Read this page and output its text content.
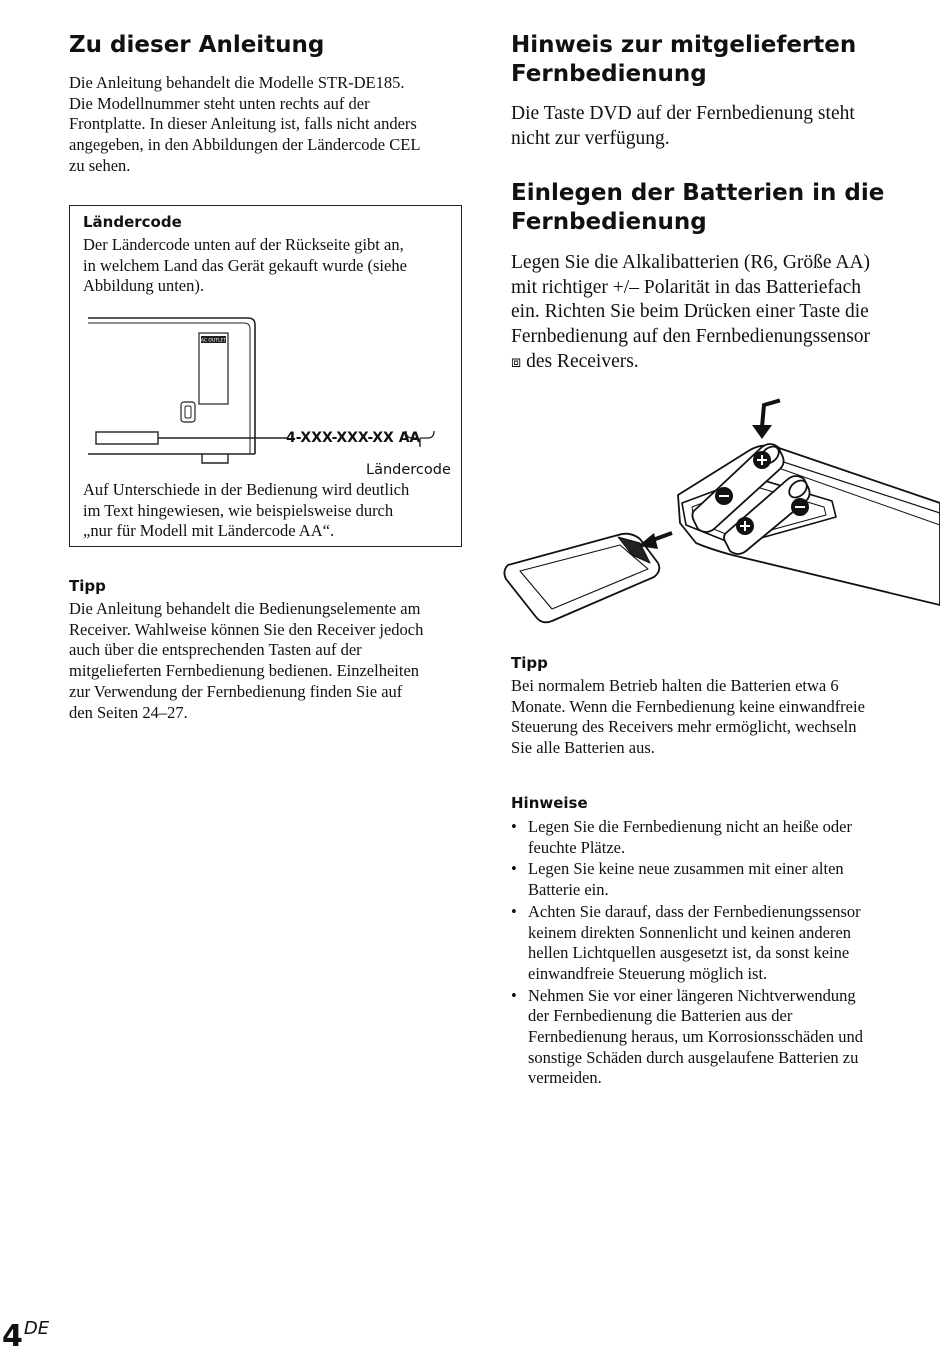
Zu dieser Anleitung

Die Anleitung behandelt die Modelle STR-DE185.

Die Modellnummer steht unten rechts auf der

Frontplatte. In dieser Anleitung ist, falls nicht anders

angegeben, in den Abbildungen der Ländercode CEL

zu sehen.

Ländercode

Der Ländercode unten auf der Rückseite gibt an,

in welchem Land das Gerät gekauft wurde (siehe

Abbildung unten).

AC OUTLET
4-XXX-XXX-XX AA
Ländercode

Auf Unterschiede in der Bedienung wird deutlich

im Text hingewiesen, wie beispielsweise durch

„nur für Modell mit Ländercode AA“.

Tipp

Die Anleitung behandelt die Bedienungselemente am

Receiver. Wahlweise können Sie den Receiver jedoch

auch über die entsprechenden Tasten auf der

mitgelieferten Fernbedienung bedienen. Einzelheiten

zur Verwendung der Fernbedienung finden Sie auf

den Seiten 24–27.

Hinweis zur mitgelieferten
Fernbedienung

Die Taste DVD auf der Fernbedienung steht

nicht zur verfügung.

Einlegen der Batterien in die
Fernbedienung

Legen Sie die Alkalibatterien (R6, Größe AA)

mit richtiger +/– Polarität in das Batteriefach

ein. Richten Sie beim Drücken einer Taste die

Fernbedienung auf den Fernbedienungssensor

⧈ des Receivers.

Tipp

Bei normalem Betrieb halten die Batterien etwa 6

Monate. Wenn die Fernbedienung keine einwandfreie

Steuerung des Receivers mehr ermöglicht, wechseln

Sie alle Batterien aus.

Hinweise

• Legen Sie die Fernbedienung nicht an heiße oder

feuchte Plätze.

• Legen Sie keine neue zusammen mit einer alten

Batterie ein.

• Achten Sie darauf, dass der Fernbedienungssensor

keinem direkten Sonnenlicht und keinen anderen

hellen Lichtquellen ausgesetzt ist, da sonst keine

einwandfreie Steuerung möglich ist.

• Nehmen Sie vor einer längeren Nichtverwendung

der Fernbedienung die Batterien aus der

Fernbedienung heraus, um Korrosionsschäden und

sonstige Schäden durch ausgelaufene Batterien zu

vermeiden.

4DE
